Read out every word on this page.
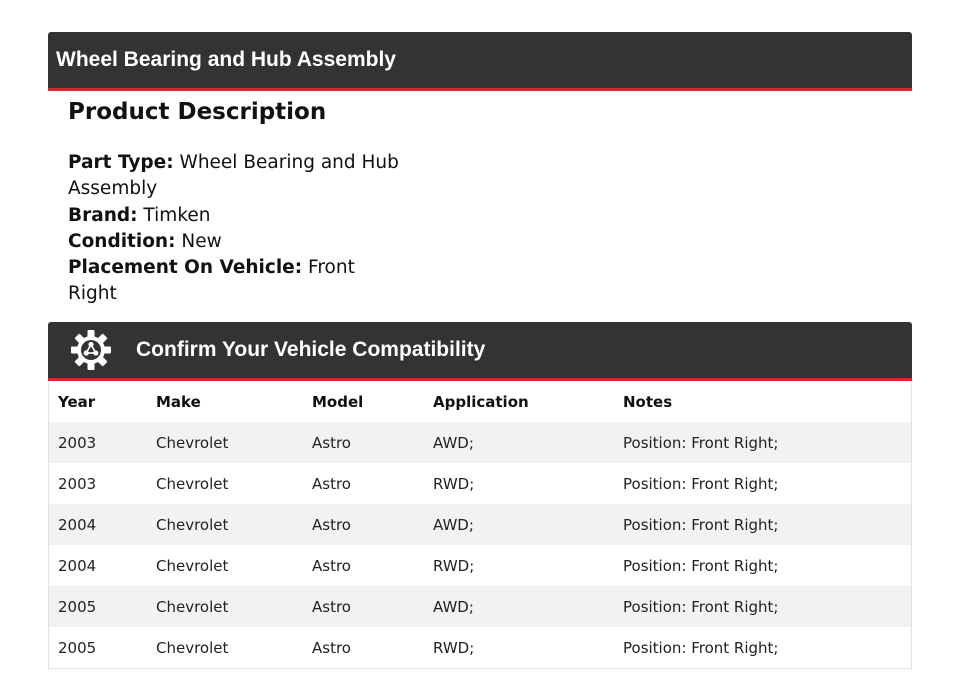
Wheel Bearing and Hub Assembly
Product Description
Part Type: Wheel Bearing and Hub Assembly
Brand: Timken
Condition: New
Placement On Vehicle: Front Right
Confirm Your Vehicle Compatibility
Year	Make	Model	Application	Notes
2003	Chevrolet	Astro	AWD;	Position: Front Right;
2003	Chevrolet	Astro	RWD;	Position: Front Right;
2004	Chevrolet	Astro	AWD;	Position: Front Right;
2004	Chevrolet	Astro	RWD;	Position: Front Right;
2005	Chevrolet	Astro	AWD;	Position: Front Right;
2005	Chevrolet	Astro	RWD;	Position: Front Right;
